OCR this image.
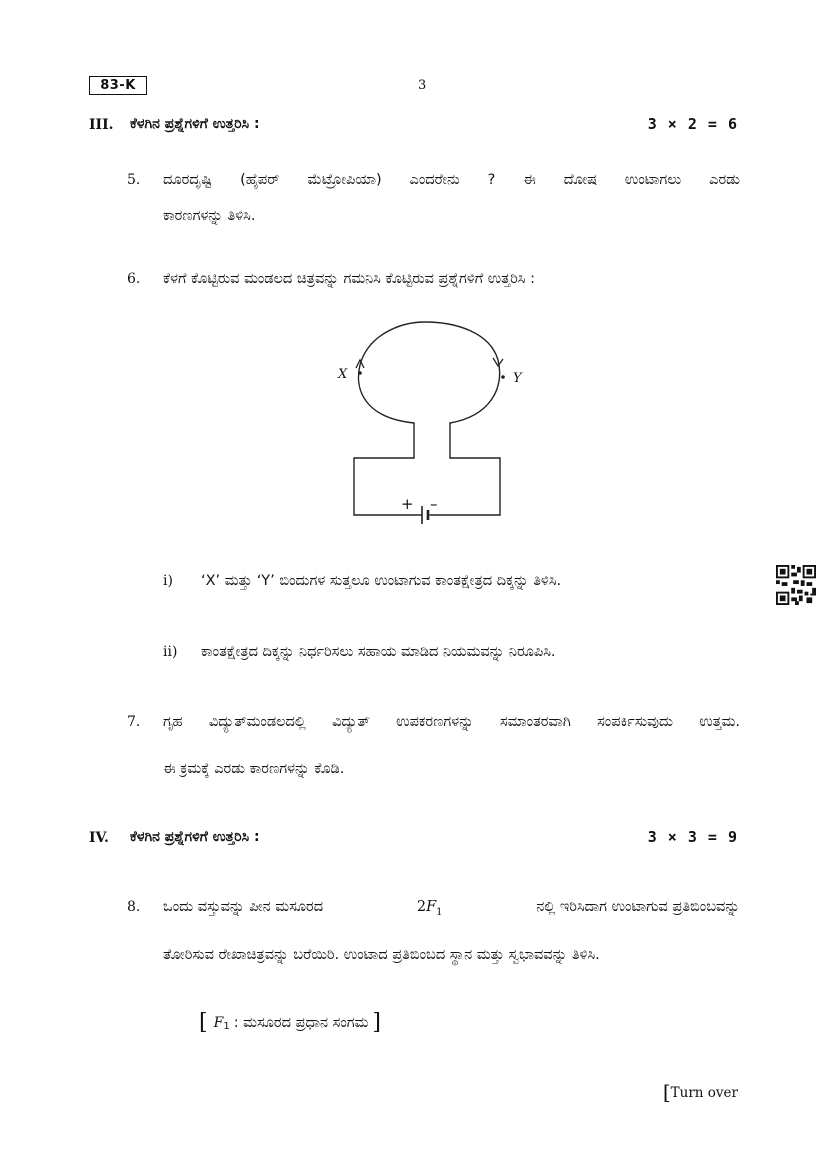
83-K	3
III. ಕೆಳಗಿನ ಪ್ರಶ್ನೆಗಳಿಗೆ ಉತ್ತರಿಸಿ :	3 × 2 = 6
5. ದೂರದೃಷ್ಟಿ (ಹೈಪರ್ ಮೆಟ್ರೋಪಿಯಾ) ಎಂದರೇನು ? ಈ ದೋಷ ಉಂಟಾಗಲು ಎರಡು
ಕಾರಣಗಳನ್ನು ತಿಳಿಸಿ.
6. ಕೆಳಗೆ ಕೊಟ್ಟಿರುವ ಮಂಡಲದ ಚಿತ್ರವನ್ನು ಗಮನಿಸಿ ಕೊಟ್ಟಿರುವ ಪ್ರಶ್ನೆಗಳಿಗೆ ಉತ್ತರಿಸಿ :
X	Y
+ –
i) ‘X’ ಮತ್ತು ‘Y’ ಬಿಂದುಗಳ ಸುತ್ತಲೂ ಉಂಟಾಗುವ ಕಾಂತಕ್ಷೇತ್ರದ ದಿಕ್ಕನ್ನು ತಿಳಿಸಿ.
ii) ಕಾಂತಕ್ಷೇತ್ರದ ದಿಕ್ಕನ್ನು ನಿರ್ಧರಿಸಲು ಸಹಾಯ ಮಾಡಿದ ನಿಯಮವನ್ನು ನಿರೂಪಿಸಿ.
7. ಗೃಹ ವಿದ್ಯುತ್‌ಮಂಡಲದಲ್ಲಿ ವಿದ್ಯುತ್ ಉಪಕರಣಗಳನ್ನು ಸಮಾಂತರವಾಗಿ ಸಂಪರ್ಕಿಸುವುದು ಉತ್ತಮ.
ಈ ಕ್ರಮಕ್ಕೆ ಎರಡು ಕಾರಣಗಳನ್ನು ಕೊಡಿ.
IV. ಕೆಳಗಿನ ಪ್ರಶ್ನೆಗಳಿಗೆ ಉತ್ತರಿಸಿ :	3 × 3 = 9
8. ಒಂದು ವಸ್ತುವನ್ನು ಪೀನ ಮಸೂರದ	$2F_1$	ನಲ್ಲಿ ಇರಿಸಿದಾಗ ಉಂಟಾಗುವ ಪ್ರತಿಬಿಂಬವನ್ನು
ತೋರಿಸುವ ರೇಖಾಚಿತ್ರವನ್ನು ಬರೆಯಿರಿ. ಉಂಟಾದ ಪ್ರತಿಬಿಂಬದ ಸ್ಥಾನ ಮತ್ತು ಸ್ವಭಾವವನ್ನು ತಿಳಿಸಿ.
[ $F_1$ : ಮಸೂರದ ಪ್ರಧಾನ ಸಂಗಮ ]
[Turn over
